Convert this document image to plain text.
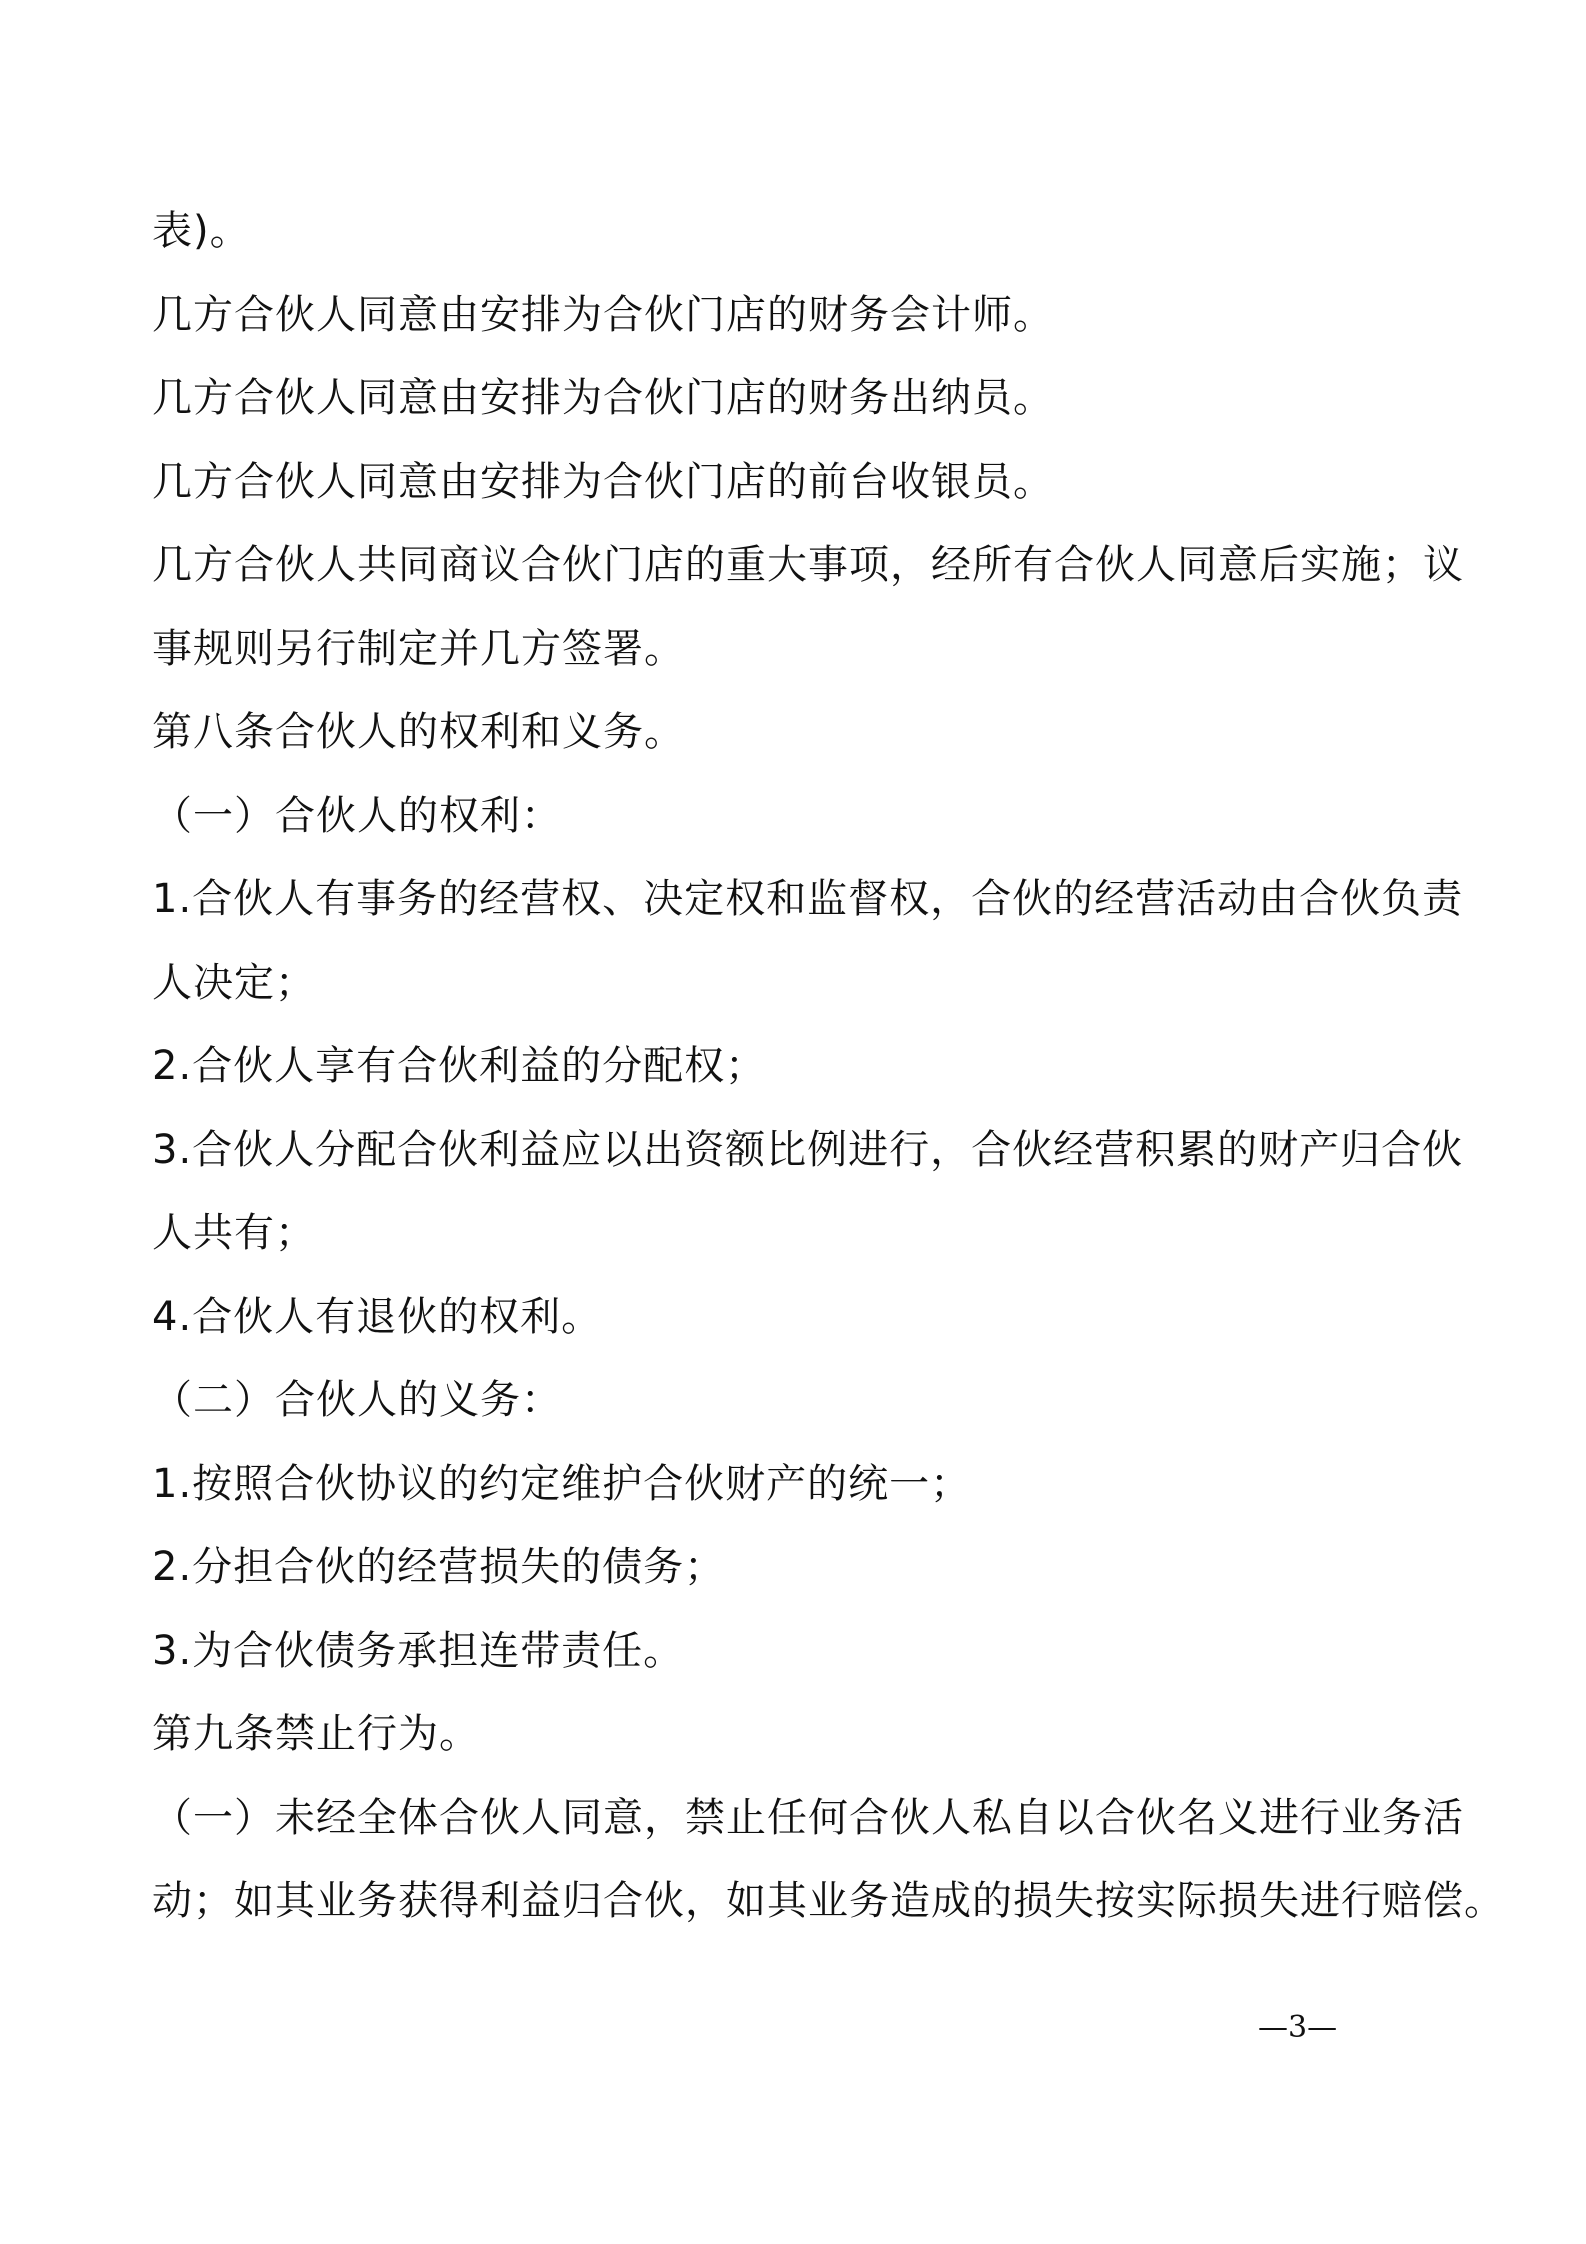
表)。
几方合伙人同意由安排为合伙门店的财务会计师。
几方合伙人同意由安排为合伙门店的财务出纳员。
几方合伙人同意由安排为合伙门店的前台收银员。
几方合伙人共同商议合伙门店的重大事项，经所有合伙人同意后实施；议
事规则另行制定并几方签署。
第八条合伙人的权利和义务。
（一）合伙人的权利：
1.合伙人有事务的经营权、决定权和监督权，合伙的经营活动由合伙负责
人决定；
2.合伙人享有合伙利益的分配权；
3.合伙人分配合伙利益应以出资额比例进行，合伙经营积累的财产归合伙
人共有；
4.合伙人有退伙的权利。
（二）合伙人的义务：
1.按照合伙协议的约定维护合伙财产的统一；
2.分担合伙的经营损失的债务；
3.为合伙债务承担连带责任。
第九条禁止行为。
（一）未经全体合伙人同意，禁止任何合伙人私自以合伙名义进行业务活
动；如其业务获得利益归合伙，如其业务造成的损失按实际损失进行赔偿。
—3—
